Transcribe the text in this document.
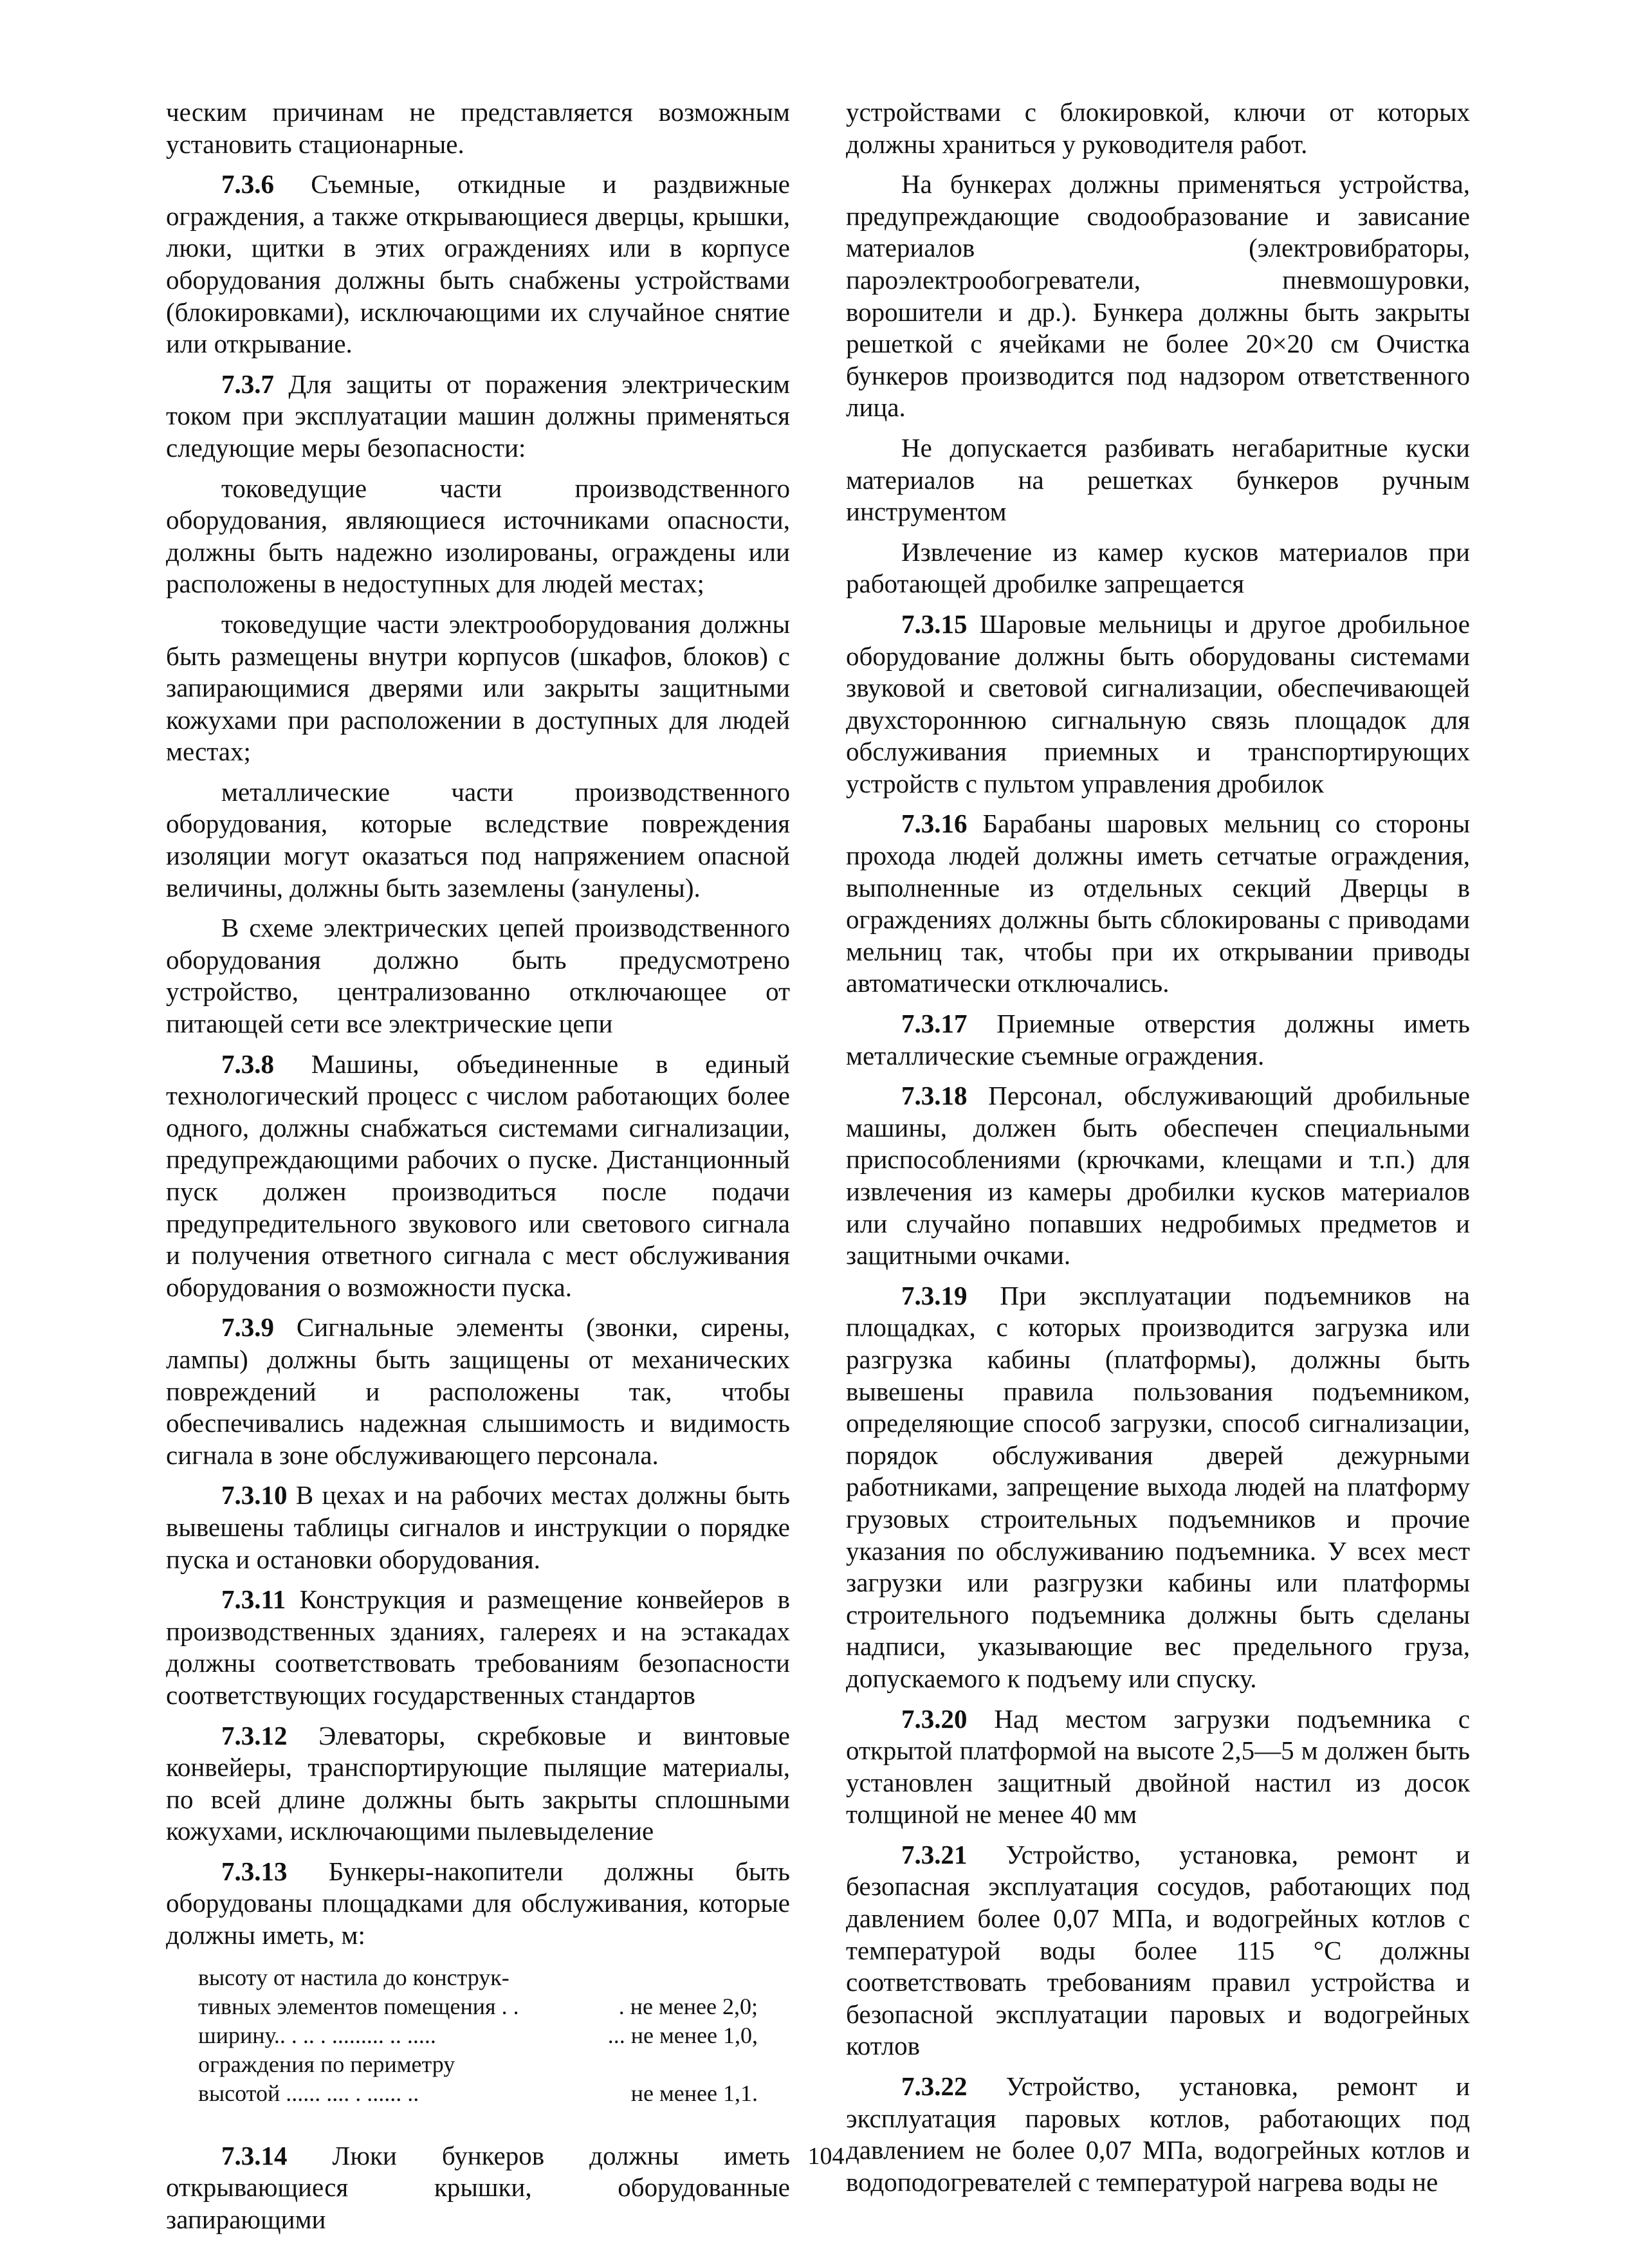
ческим причинам не представляется возможным установить стационарные.

7.3.6 Съемные, откидные и раздвижные ограждения, а также открывающиеся дверцы, крышки, люки, щитки в этих ограждениях или в корпусе оборудования должны быть снабжены устройствами (блокировками), исключающими их случайное снятие или открывание.

7.3.7 Для защиты от поражения электрическим током при эксплуатации машин должны применяться следующие меры безопасности:

токоведущие части производственного оборудования, являющиеся источниками опасности, должны быть надежно изолированы, ограждены или расположены в недоступных для людей местах;

токоведущие части электрооборудования должны быть размещены внутри корпусов (шкафов, блоков) с запирающимися дверями или закрыты защитными кожухами при расположении в доступных для людей местах;

металлические части производственного оборудования, которые вследствие повреждения изоляции могут оказаться под напряжением опасной величины, должны быть заземлены (занулены).

В схеме электрических цепей производственного оборудования должно быть предусмотрено устройство, централизованно отключающее от питающей сети все электрические цепи

7.3.8 Машины, объединенные в единый технологический процесс с числом работающих более одного, должны снабжаться системами сигнализации, предупреждающими рабочих о пуске. Дистанционный пуск должен производиться после подачи предупредительного звукового или светового сигнала и получения ответного сигнала с мест обслуживания оборудования о возможности пуска.

7.3.9 Сигнальные элементы (звонки, сирены, лампы) должны быть защищены от механических повреждений и расположены так, чтобы обеспечивались надежная слышимость и видимость сигнала в зоне обслуживающего персонала.

7.3.10 В цехах и на рабочих местах должны быть вывешены таблицы сигналов и инструкции о порядке пуска и остановки оборудования.

7.3.11 Конструкция и размещение конвейеров в производственных зданиях, галереях и на эстакадах должны соответствовать требованиям безопасности соответствующих государственных стандартов

7.3.12 Элеваторы, скребковые и винтовые конвейеры, транспортирующие пылящие материалы, по всей длине должны быть закрыты сплошными кожухами, исключающими пылевыделение

7.3.13 Бункеры-накопители должны быть оборудованы площадками для обслуживания, которые должны иметь, м:

высоту от настила до конструк-
тивных элементов помещения . .	. не менее 2,0;
ширину.. . .. . ......... .. .....	... не менее 1,0,
ограждения по периметру
высотой ...... .... . ...... ..	не менее 1,1.

7.3.14 Люки бункеров должны иметь открывающиеся крышки, оборудованные запирающими

устройствами с блокировкой, ключи от которых должны храниться у руководителя работ.

На бункерах должны применяться устройства, предупреждающие сводообразование и зависание материалов (электровибраторы, пароэлектрообогреватели, пневмошуровки, ворошители и др.). Бункера должны быть закрыты решеткой с ячейками не более 20×20 см Очистка бункеров производится под надзором ответственного лица.

Не допускается разбивать негабаритные куски материалов на решетках бункеров ручным инструментом

Извлечение из камер кусков материалов при работающей дробилке запрещается

7.3.15 Шаровые мельницы и другое дробильное оборудование должны быть оборудованы системами звуковой и световой сигнализации, обеспечивающей двухстороннюю сигнальную связь площадок для обслуживания приемных и транспортирующих устройств с пультом управления дробилок

7.3.16 Барабаны шаровых мельниц со стороны прохода людей должны иметь сетчатые ограждения, выполненные из отдельных секций Дверцы в ограждениях должны быть сблокированы с приводами мельниц так, чтобы при их открывании приводы автоматически отключались.

7.3.17 Приемные отверстия должны иметь металлические съемные ограждения.

7.3.18 Персонал, обслуживающий дробильные машины, должен быть обеспечен специальными приспособлениями (крючками, клещами и т.п.) для извлечения из камеры дробилки кусков материалов или случайно попавших недробимых предметов и защитными очками.

7.3.19 При эксплуатации подъемников на площадках, с которых производится загрузка или разгрузка кабины (платформы), должны быть вывешены правила пользования подъемником, определяющие способ загрузки, способ сигнализации, порядок обслуживания дверей дежурными работниками, запрещение выхода людей на платформу грузовых строительных подъемников и прочие указания по обслуживанию подъемника. У всех мест загрузки или разгрузки кабины или платформы строительного подъемника должны быть сделаны надписи, указывающие вес предельного груза, допускаемого к подъему или спуску.

7.3.20 Над местом загрузки подъемника с открытой платформой на высоте 2,5—5 м должен быть установлен защитный двойной настил из досок толщиной не менее 40 мм

7.3.21 Устройство, установка, ремонт и безопасная эксплуатация сосудов, работающих под давлением более 0,07 МПа, и водогрейных котлов с температурой воды более 115 °С должны соответствовать требованиям правил устройства и безопасной эксплуатации паровых и водогрейных котлов

7.3.22 Устройство, установка, ремонт и эксплуатация паровых котлов, работающих под давлением не более 0,07 МПа, водогрейных котлов и водоподогревателей с температурой нагрева воды не

104
